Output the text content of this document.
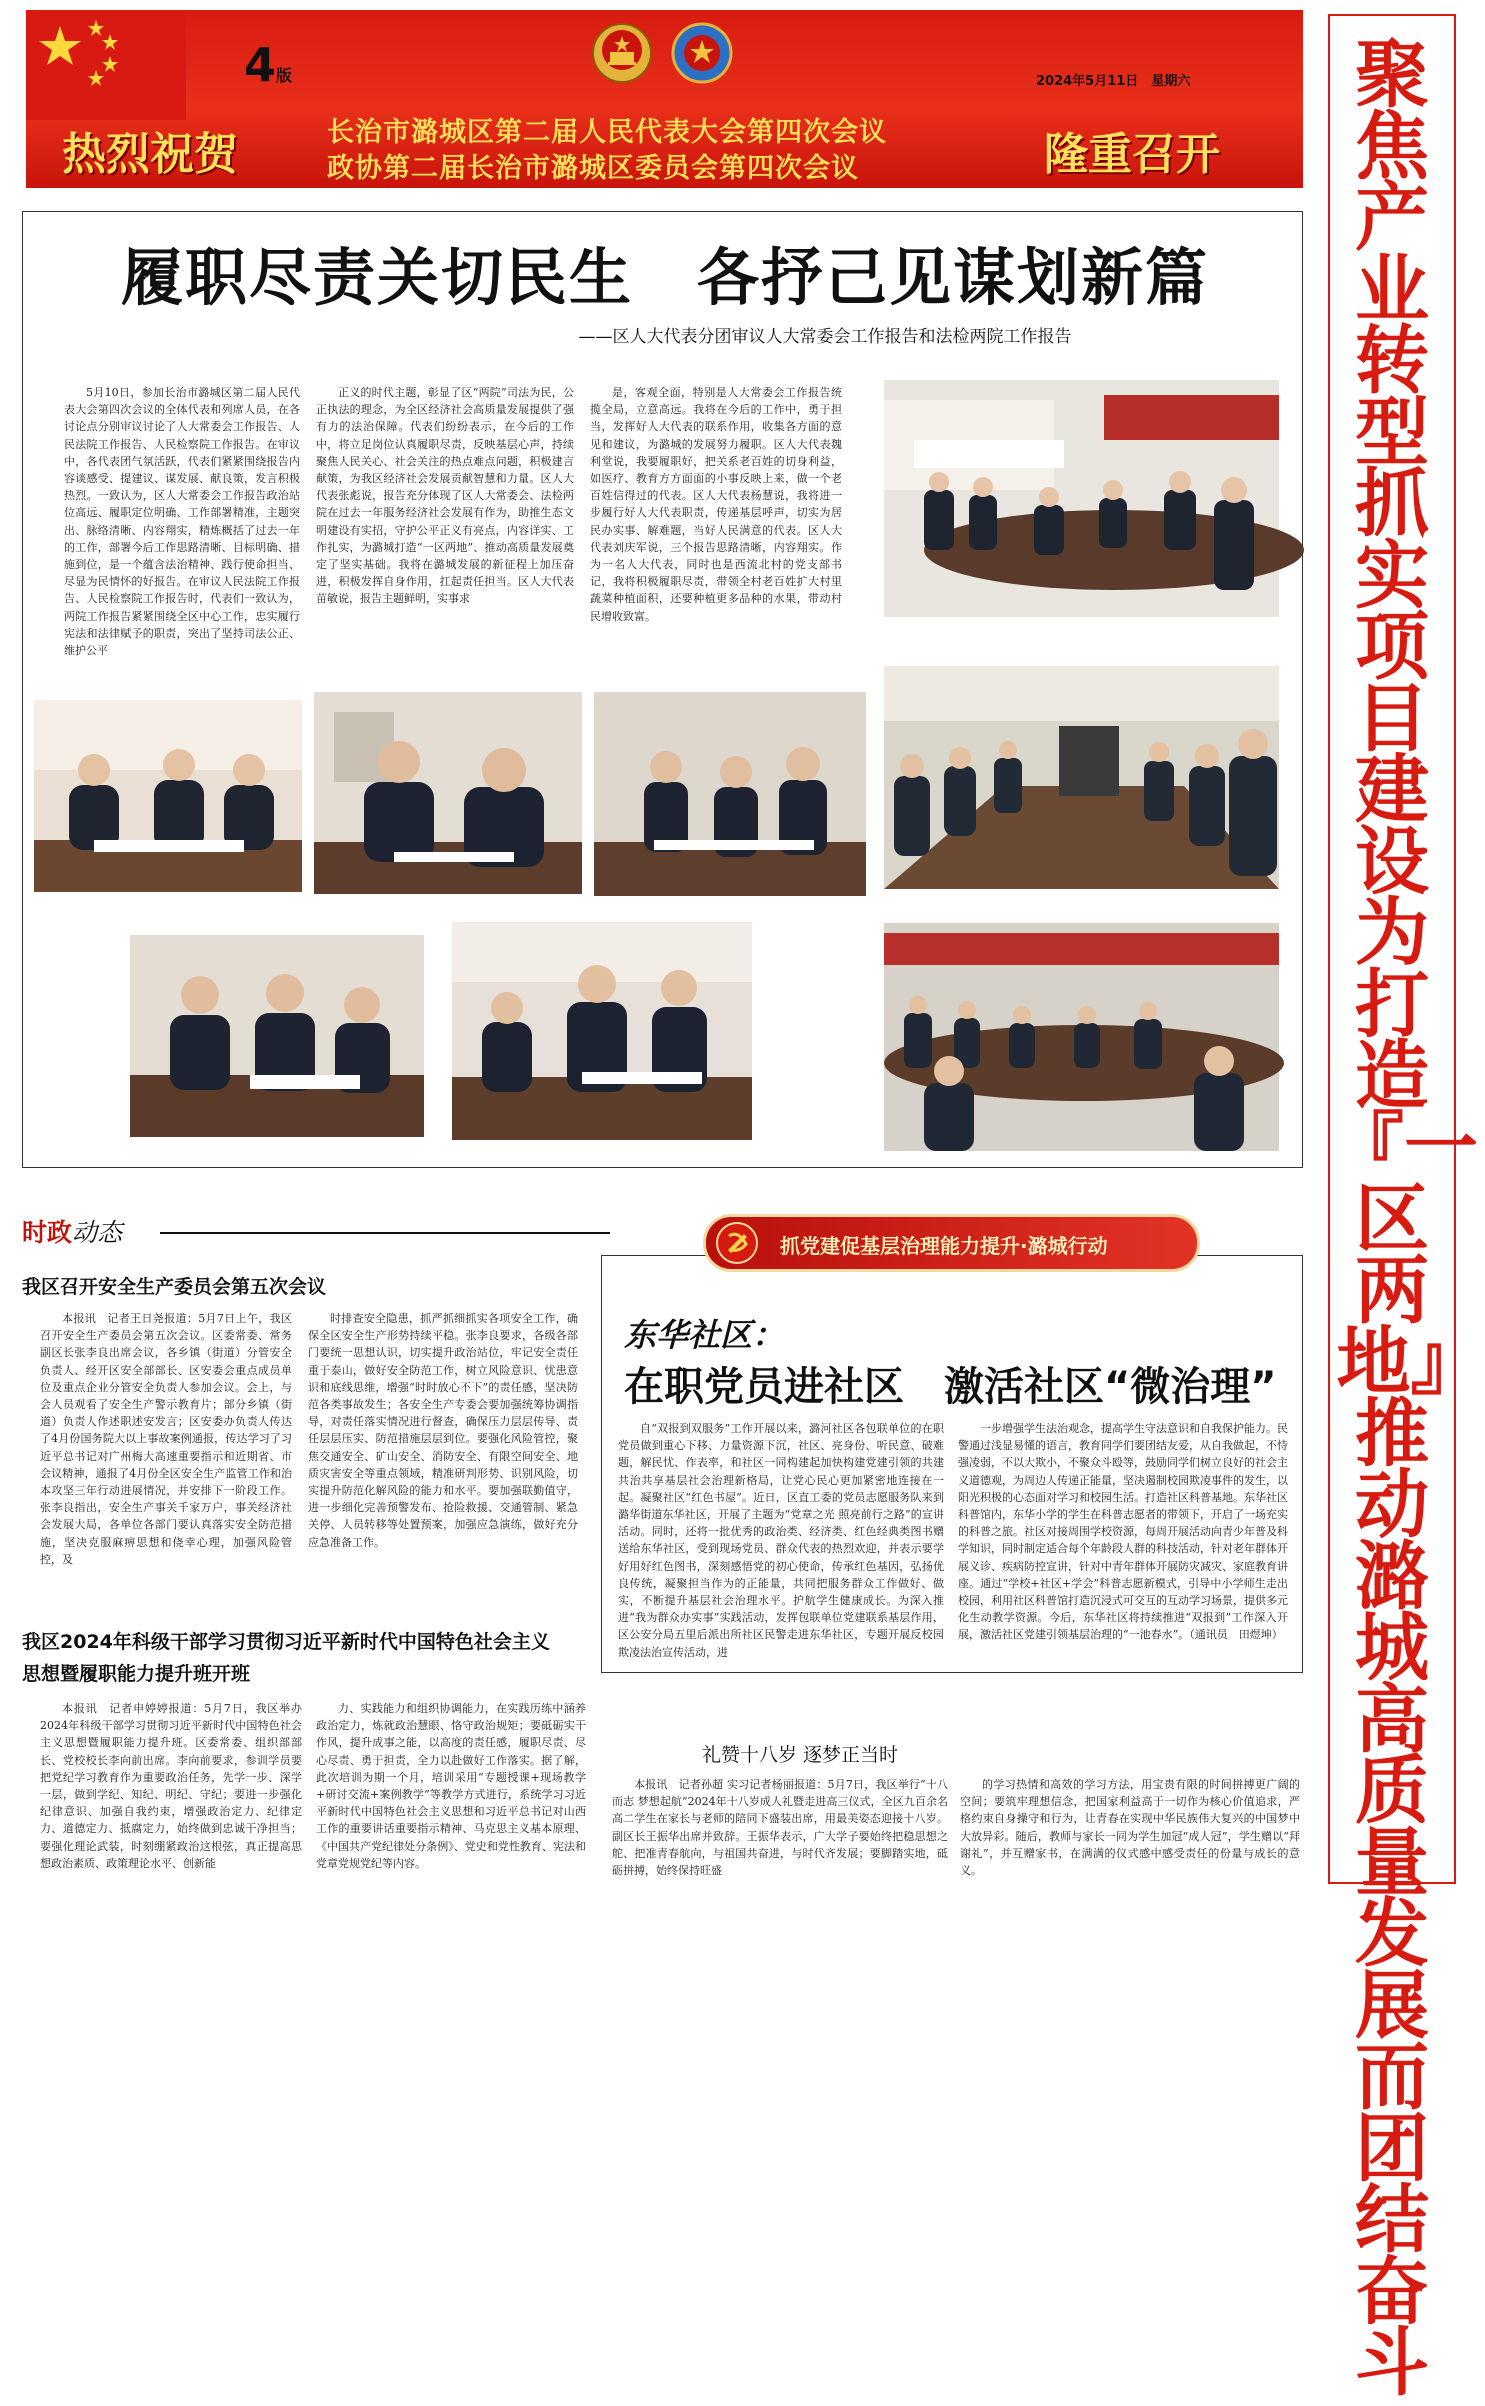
4版	2024年5月11日　星期六
热烈祝贺	长治市潞城区第二届人民代表大会第四次会议
政协第二届长治市潞城区委员会第四次会议	隆重召开
聚焦产业转型抓实项目建设为打造『一区两地』推动潞城高质量发展而团结奋斗
履职尽责关切民生　各抒己见谋划新篇
——区人大代表分团审议人大常委会工作报告和法检两院工作报告
5月10日，参加长治市潞城区第二届人民代表大会第四次会议的全体代表和列席人员，在各讨论点分别审议讨论了人大常委会工作报告、人民法院工作报告、人民检察院工作报告。在审议中，各代表团气氛活跃，代表们紧紧围绕报告内容谈感受、提建议、谋发展、献良策，发言积极热烈。一致认为，区人大常委会工作报告政治站位高远、履职定位明确、工作部署精准，主题突出、脉络清晰、内容翔实，精炼概括了过去一年的工作，部署今后工作思路清晰、目标明确、措施到位，是一个蕴含法治精神、践行使命担当、尽显为民情怀的好报告。在审议人民法院工作报告、人民检察院工作报告时，代表们一致认为，两院工作报告紧紧围绕全区中心工作，忠实履行宪法和法律赋予的职责，突出了坚持司法公正、维护公平
正义的时代主题，彰显了区“两院”司法为民，公正执法的理念，为全区经济社会高质量发展提供了强有力的法治保障。代表们纷纷表示，在今后的工作中，将立足岗位认真履职尽责，反映基层心声，持续聚焦人民关心、社会关注的热点难点问题，积极建言献策，为我区经济社会发展贡献智慧和力量。区人大代表张彪说，报告充分体现了区人大常委会、法检两院在过去一年服务经济社会发展有作为，助推生态文明建设有实招，守护公平正义有亮点，内容详实、工作扎实，为潞城打造“一区两地”、推动高质量发展奠定了坚实基础。我将在潞城发展的新征程上加压奋进，积极发挥自身作用，扛起责任担当。区人大代表苗敏说，报告主题鲜明，实事求
是，客观全面，特别是人大常委会工作报告统揽全局，立意高远。我将在今后的工作中，勇于担当，发挥好人大代表的联系作用，收集各方面的意见和建议，为潞城的发展努力履职。区人大代表魏利堂说，我要履职好，把关系老百姓的切身利益，如医疗、教育方方面面的小事反映上来，做一个老百姓信得过的代表。区人大代表杨慧说，我将进一步履行好人大代表职责，传递基层呼声，切实为居民办实事、解难题，当好人民满意的代表。区人大代表刘庆军说，三个报告思路清晰，内容翔实。作为一名人大代表，同时也是西流北村的党支部书记，我将积极履职尽责，带领全村老百姓扩大村里蔬菜种植面积，还要种植更多品种的水果，带动村民增收致富。
时政动态
我区召开安全生产委员会第五次会议
本报讯　记者王日尧报道：5月7日上午，我区召开安全生产委员会第五次会议。区委常委、常务副区长张李良出席会议，各乡镇（街道）分管安全负责人、经开区安全部部长、区安委会重点成员单位及重点企业分管安全负责人参加会议。会上，与会人员观看了安全生产警示教育片；部分乡镇（街道）负责人作述职述安发言；区安委办负责人传达了4月份国务院大以上事故案例通报，传达学习了习近平总书记对广州梅大高速重要指示和近期省、市会议精神，通报了4月份全区安全生产监管工作和治本攻坚三年行动进展情况，并安排下一阶段工作。张李良指出，安全生产事关千家万户，事关经济社会发展大局，各单位各部门要认真落实安全防范措施，坚决克服麻痹思想和侥幸心理，加强风险管控，及
时排查安全隐患，抓严抓细抓实各项安全工作，确保全区安全生产形势持续平稳。张李良要求，各级各部门要统一思想认识，切实提升政治站位，牢记安全责任重于泰山，做好安全防范工作，树立风险意识、忧患意识和底线思维，增强“时时放心不下”的责任感，坚决防范各类事故发生；各安全生产专委会要加强统筹协调指导，对责任落实情况进行督查，确保压力层层传导、责任层层压实、防范措施层层到位。要强化风险管控，聚焦交通安全、矿山安全、消防安全、有限空间安全、地质灾害安全等重点领域，精准研判形势、识别风险，切实提升防范化解风险的能力和水平。要加强联勤值守，进一步细化完善预警发布、抢险救援、交通管制、紧急关停、人员转移等处置预案，加强应急演练，做好充分应急准备工作。
我区2024年科级干部学习贯彻习近平新时代中国特色社会主义思想暨履职能力提升班开班
本报讯　记者申婷婷报道：5月7日，我区举办2024年科级干部学习贯彻习近平新时代中国特色社会主义思想暨履职能力提升班。区委常委、组织部部长、党校校长李向前出席。李向前要求，参训学员要把党纪学习教育作为重要政治任务，先学一步、深学一层，做到学纪、知纪、明纪、守纪；要进一步强化纪律意识、加强自我约束，增强政治定力、纪律定力、道德定力、抵腐定力，始终做到忠诚干净担当；要强化理论武装，时刻绷紧政治这根弦，真正提高思想政治素质、政策理论水平、创新能
力、实践能力和组织协调能力，在实践历练中涵养政治定力，炼就政治慧眼、恪守政治规矩；要砥砺实干作风，提升成事之能，以高度的责任感，履职尽责、尽心尽责、勇于担责，全力以赴做好工作落实。据了解，此次培训为期一个月，培训采用“专题授课+现场教学+研讨交流+案例教学”等教学方式进行，系统学习习近平新时代中国特色社会主义思想和习近平总书记对山西工作的重要讲话重要指示精神、马克思主义基本原理、《中国共产党纪律处分条例》、党史和党性教育、宪法和党章党规党纪等内容。
抓党建促基层治理能力提升·潞城行动
东华社区：
在职党员进社区　激活社区“微治理”
自“双报到双服务”工作开展以来，潞河社区各包联单位的在职党员做到重心下移、力量资源下沉，社区、亮身份、听民意、破难题，解民忧、作表率，和社区一同构建起加快构建党建引领的共建共治共享基层社会治理新格局，让党心民心更加紧密地连接在一起。凝聚社区“红色书屋”。近日，区直工委的党员志愿服务队来到潞华街道东华社区，开展了主题为“党章之光 照亮前行之路”的宣讲活动。同时，还将一批优秀的政治类、经济类、红色经典类图书赠送给东华社区，受到现场党员、群众代表的热烈欢迎，并表示要学好用好红色图书，深刻感悟党的初心使命，传承红色基因，弘扬优良传统，凝聚担当作为的正能量，共同把服务群众工作做好、做实，不断提升基层社会治理水平。护航学生健康成长。为深入推进“我为群众办实事”实践活动，发挥包联单位党建联系基层作用，区公安分局五里后派出所社区民警走进东华社区，专题开展反校园欺凌法治宣传活动，进
一步增强学生法治观念，提高学生守法意识和自我保护能力。民警通过浅显易懂的语言，教育同学们要团结友爱，从自我做起，不恃强凌弱，不以大欺小，不聚众斗殴等，鼓励同学们树立良好的社会主义道德观，为周边人传递正能量，坚决遏制校园欺凌事件的发生，以阳光积极的心态面对学习和校园生活。打造社区科普基地。东华社区科普馆内，东华小学的学生在科普志愿者的带领下，开启了一场充实的科普之旅。社区对接周围学校资源，每周开展活动向青少年普及科学知识，同时制定适合每个年龄段人群的科技活动，针对老年群体开展义诊、疾病防控宣讲，针对中青年群体开展防灾减灾、家庭教育讲座。通过“学校+社区+学会”科普志愿新模式，引导中小学师生走出校园，利用社区科普馆打造沉浸式可交互的互动学习场景，提供多元化生动教学资源。今后，东华社区将持续推进“双报到”工作深入开展，激活社区党建引领基层治理的“一池春水”。（通讯员　田煜坤）
礼赞十八岁 逐梦正当时
本报讯　记者孙超 实习记者杨丽报道：5月7日，我区举行“十八而志 梦想起航”2024年十八岁成人礼暨走进高三仪式，全区九百余名高二学生在家长与老师的陪同下盛装出席，用最美姿态迎接十八岁。副区长王振华出席并致辞。王振华表示，广大学子要始终把稳思想之舵、把准青春航向，与祖国共奋进，与时代齐发展；要脚踏实地，砥砺拼搏，始终保持旺盛
的学习热情和高效的学习方法，用宝贵有限的时间拼搏更广阔的空间；要筑牢理想信念，把国家利益高于一切作为核心价值追求，严格约束自身操守和行为，让青春在实现中华民族伟大复兴的中国梦中大放异彩。随后，教师与家长一同为学生加冠“成人冠”，学生赠以“拜谢礼”，并互赠家书，在满满的仪式感中感受责任的份量与成长的意义。
